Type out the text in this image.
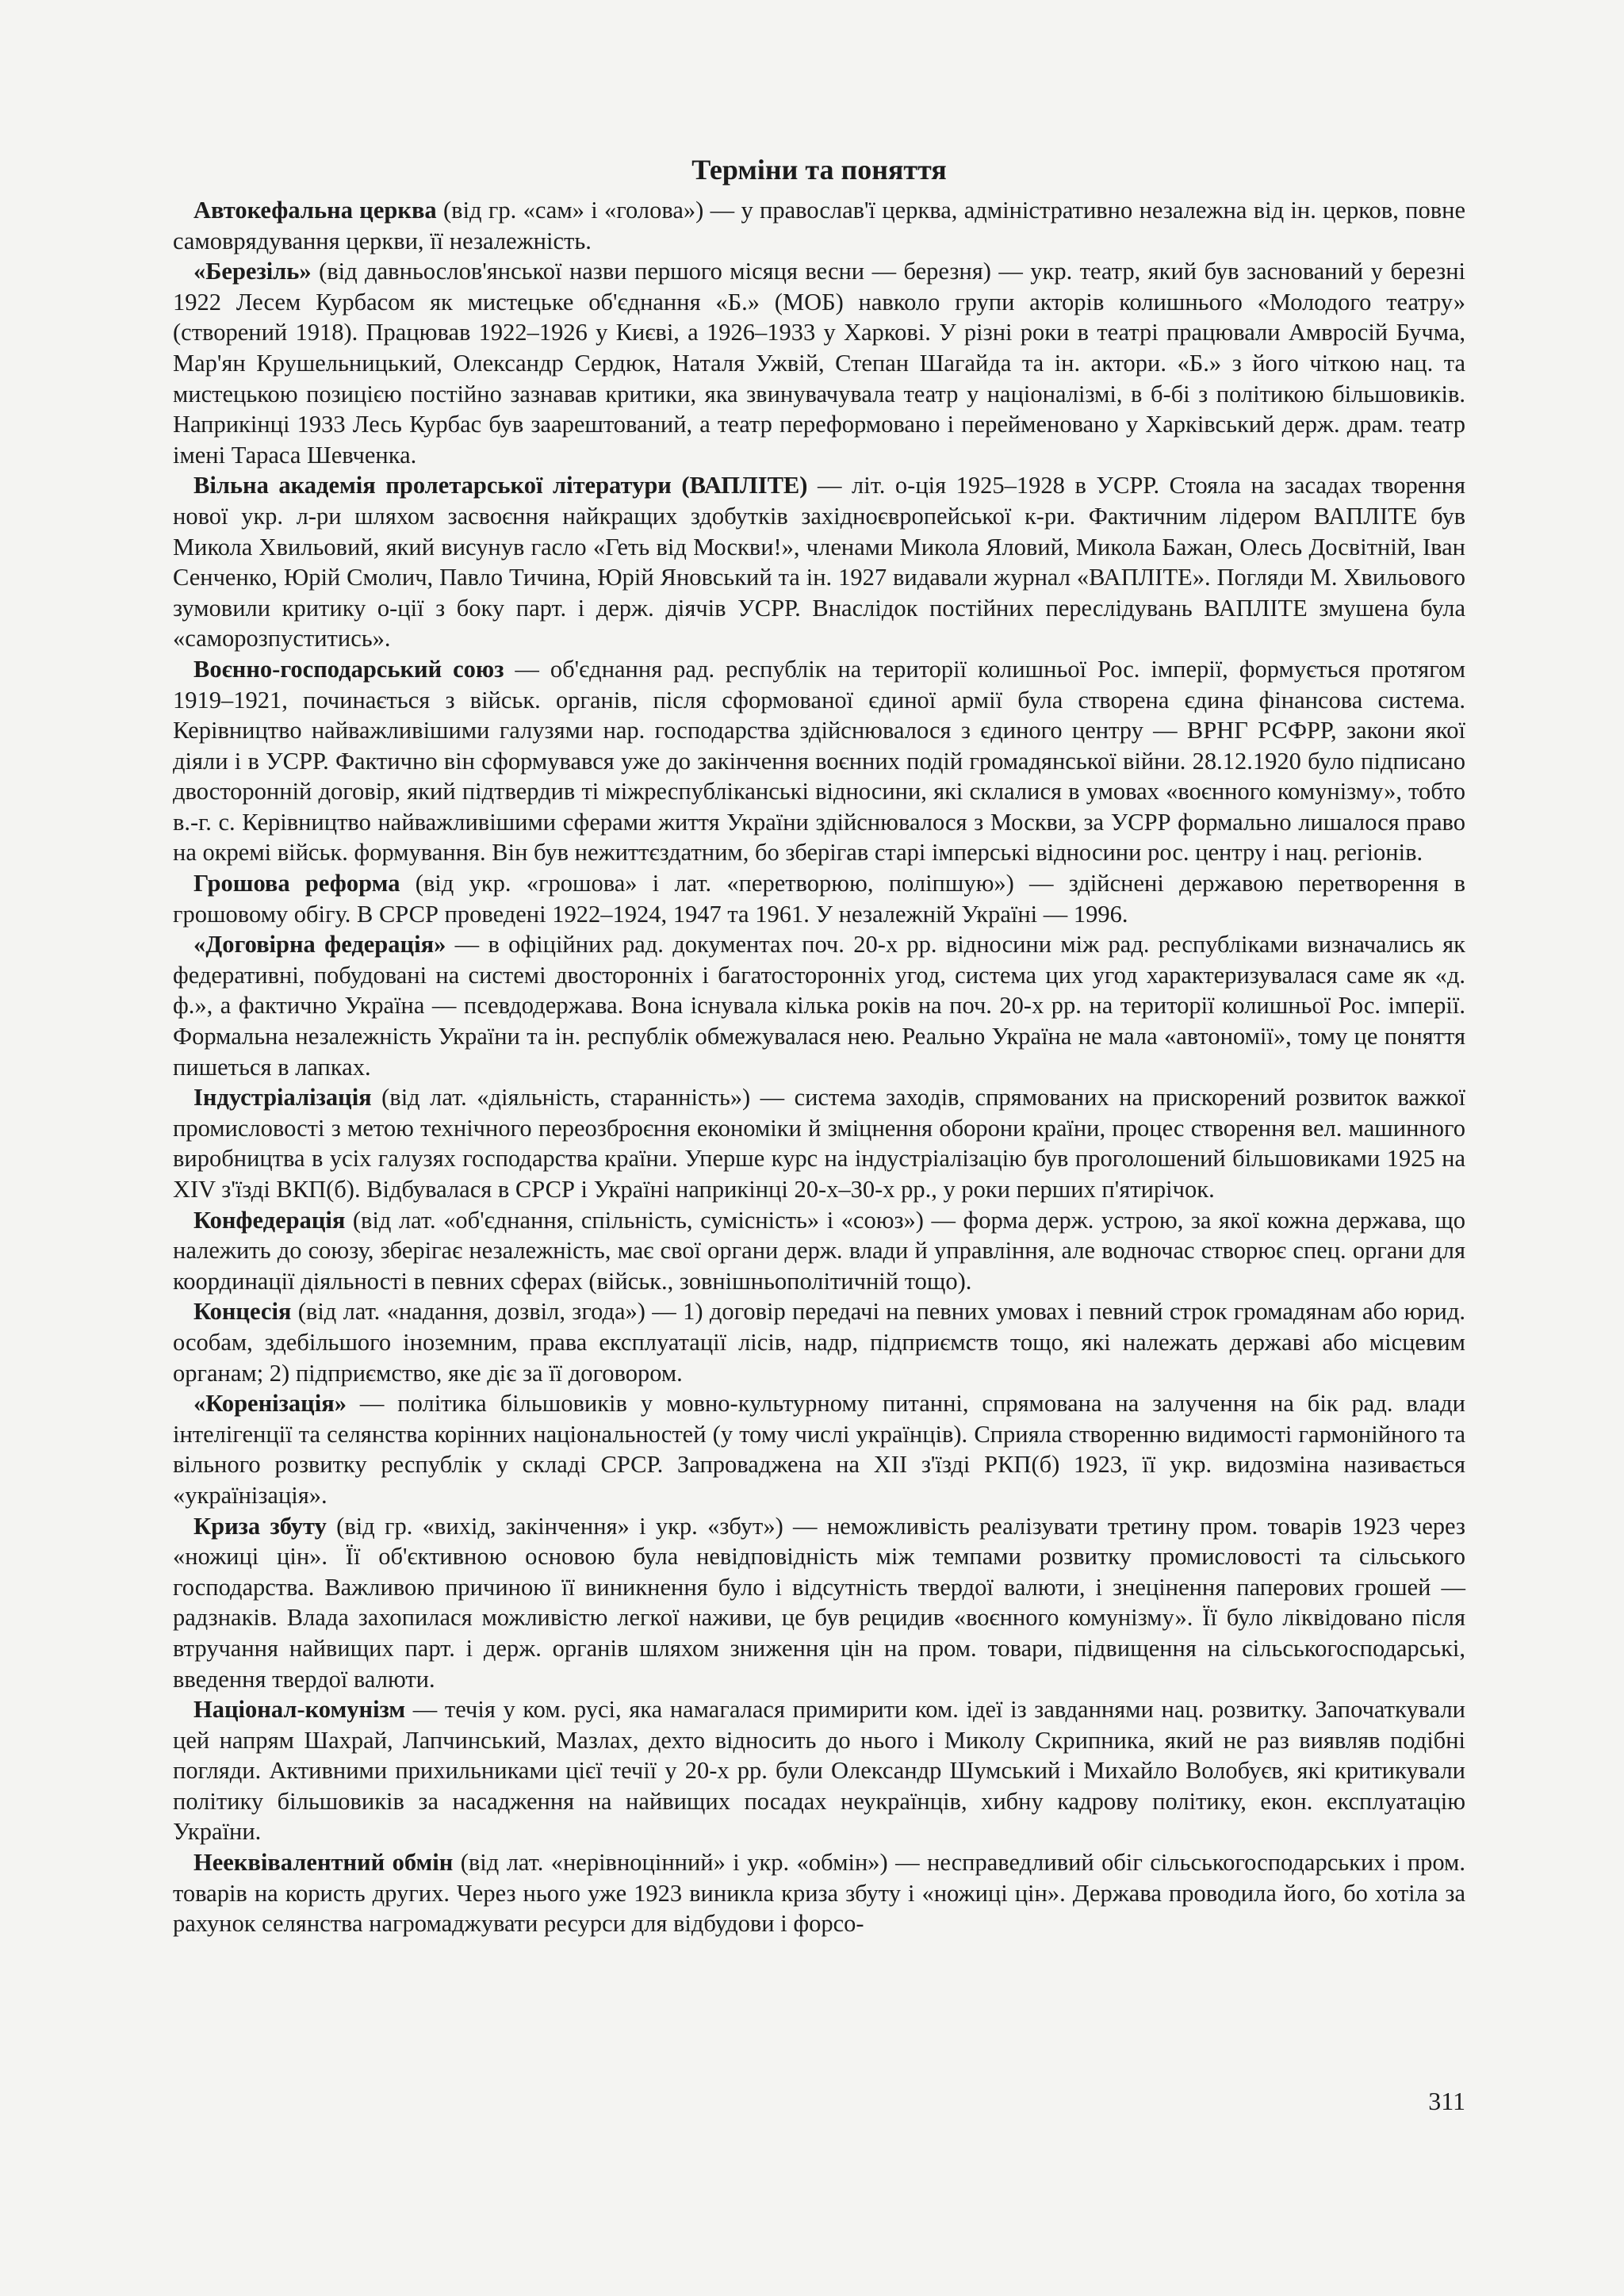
Терміни та поняття

Автокефальна церква (від гр. «сам» і «голова») — у православ'ї церква, адміністративно незалежна від ін. церков, повне самоврядування церкви, її незалежність.

«Березіль» (від давньослов'янської назви першого місяця весни — березня) — укр. театр, який був заснований у березні 1922 Лесем Курбасом як мистецьке об'єднання «Б.» (МОБ) навколо групи акторів колишнього «Молодого театру» (створений 1918). Працював 1922–1926 у Києві, а 1926–1933 у Харкові. У різні роки в театрі працювали Амвросій Бучма, Мар'ян Крушельницький, Олександр Сердюк, Наталя Ужвій, Степан Шагайда та ін. актори. «Б.» з його чіткою нац. та мистецькою позицією постійно зазнавав критики, яка звинувачувала театр у націоналізмі, в б-бі з політикою більшовиків. Наприкінці 1933 Лесь Курбас був заарештований, а театр переформовано і перейменовано у Харківський держ. драм. театр імені Тараса Шевченка.

Вільна академія пролетарської літератури (ВАПЛІТЕ) — літ. о-ція 1925–1928 в УСРР. Стояла на засадах творення нової укр. л-ри шляхом засвоєння найкращих здобутків західноєвропейської к-ри. Фактичним лідером ВАПЛІТЕ був Микола Хвильовий, який висунув гасло «Геть від Москви!», членами Микола Яловий, Микола Бажан, Олесь Досвітній, Іван Сенченко, Юрій Смолич, Павло Тичина, Юрій Яновський та ін. 1927 видавали журнал «ВАПЛІТЕ». Погляди М. Хвильового зумовили критику о-ції з боку парт. і держ. діячів УСРР. Внаслідок постійних переслідувань ВАПЛІТЕ змушена була «саморозпуститись».

Воєнно-господарський союз — об'єднання рад. республік на території колишньої Рос. імперії, формується протягом 1919–1921, починається з військ. органів, після сформованої єдиної армії була створена єдина фінансова система. Керівництво найважливішими галузями нар. господарства здійснювалося з єдиного центру — ВРНГ РСФРР, закони якої діяли і в УСРР. Фактично він сформувався уже до закінчення воєнних подій громадянської війни. 28.12.1920 було підписано двосторонній договір, який підтвердив ті міжреспубліканські відносини, які склалися в умовах «воєнного комунізму», тобто в.-г. с. Керівництво найважливішими сферами життя України здійснювалося з Москви, за УСРР формально лишалося право на окремі військ. формування. Він був нежиттєздатним, бо зберігав старі імперські відносини рос. центру і нац. регіонів.

Грошова реформа (від укр. «грошова» і лат. «перетворюю, поліпшую») — здійснені державою перетворення в грошовому обігу. В СРСР проведені 1922–1924, 1947 та 1961. У незалежній Україні — 1996.

«Договірна федерація» — в офіційних рад. документах поч. 20-х рр. відносини між рад. республіками визначались як федеративні, побудовані на системі двосторонніх і багатосторонніх угод, система цих угод характеризувалася саме як «д. ф.», а фактично Україна — псевдодержава. Вона існувала кілька років на поч. 20-х рр. на території колишньої Рос. імперії. Формальна незалежність України та ін. республік обмежувалася нею. Реально Україна не мала «автономії», тому це поняття пишеться в лапках.

Індустріалізація (від лат. «діяльність, старанність») — система заходів, спрямованих на прискорений розвиток важкої промисловості з метою технічного переозброєння економіки й зміцнення оборони країни, процес створення вел. машинного виробництва в усіх галузях господарства країни. Уперше курс на індустріалізацію був проголошений більшовиками 1925 на XIV з'їзді ВКП(б). Відбувалася в СРСР і Україні наприкінці 20-х–30-х рр., у роки перших п'ятирічок.

Конфедерація (від лат. «об'єднання, спільність, сумісність» і «союз») — форма держ. устрою, за якої кожна держава, що належить до союзу, зберігає незалежність, має свої органи держ. влади й управління, але водночас створює спец. органи для координації діяльності в певних сферах (військ., зовнішньополітичній тощо).

Концесія (від лат. «надання, дозвіл, згода») — 1) договір передачі на певних умовах і певний строк громадянам або юрид. особам, здебільшого іноземним, права експлуатації лісів, надр, підприємств тощо, які належать державі або місцевим органам; 2) підприємство, яке діє за її договором.

«Коренізація» — політика більшовиків у мовно-культурному питанні, спрямована на залучення на бік рад. влади інтелігенції та селянства корінних національностей (у тому числі українців). Сприяла створенню видимості гармонійного та вільного розвитку республік у складі СРСР. Запроваджена на XII з'їзді РКП(б) 1923, її укр. видозміна називається «українізація».

Криза збуту (від гр. «вихід, закінчення» і укр. «збут») — неможливість реалізувати третину пром. товарів 1923 через «ножиці цін». Її об'єктивною основою була невідповідність між темпами розвитку промисловості та сільського господарства. Важливою причиною її виникнення було і відсутність твердої валюти, і знецінення паперових грошей — радзнаків. Влада захопилася можливістю легкої наживи, це був рецидив «воєнного комунізму». Її було ліквідовано після втручання найвищих парт. і держ. органів шляхом зниження цін на пром. товари, підвищення на сільськогосподарські, введення твердої валюти.

Націонал-комунізм — течія у ком. русі, яка намагалася примирити ком. ідеї із завданнями нац. розвитку. Започаткували цей напрям Шахрай, Лапчинський, Мазлах, дехто відносить до нього і Миколу Скрипника, який не раз виявляв подібні погляди. Активними прихильниками цієї течії у 20-х рр. були Олександр Шумський і Михайло Волобуєв, які критикували політику більшовиків за насадження на найвищих посадах неукраїнців, хибну кадрову політику, екон. експлуатацію України.

Нееквівалентний обмін (від лат. «нерівноцінний» і укр. «обмін») — несправедливий обіг сільськогосподарських і пром. товарів на користь других. Через нього уже 1923 виникла криза збуту і «ножиці цін». Держава проводила його, бо хотіла за рахунок селянства нагромаджувати ресурси для відбудови і форсо-

311
